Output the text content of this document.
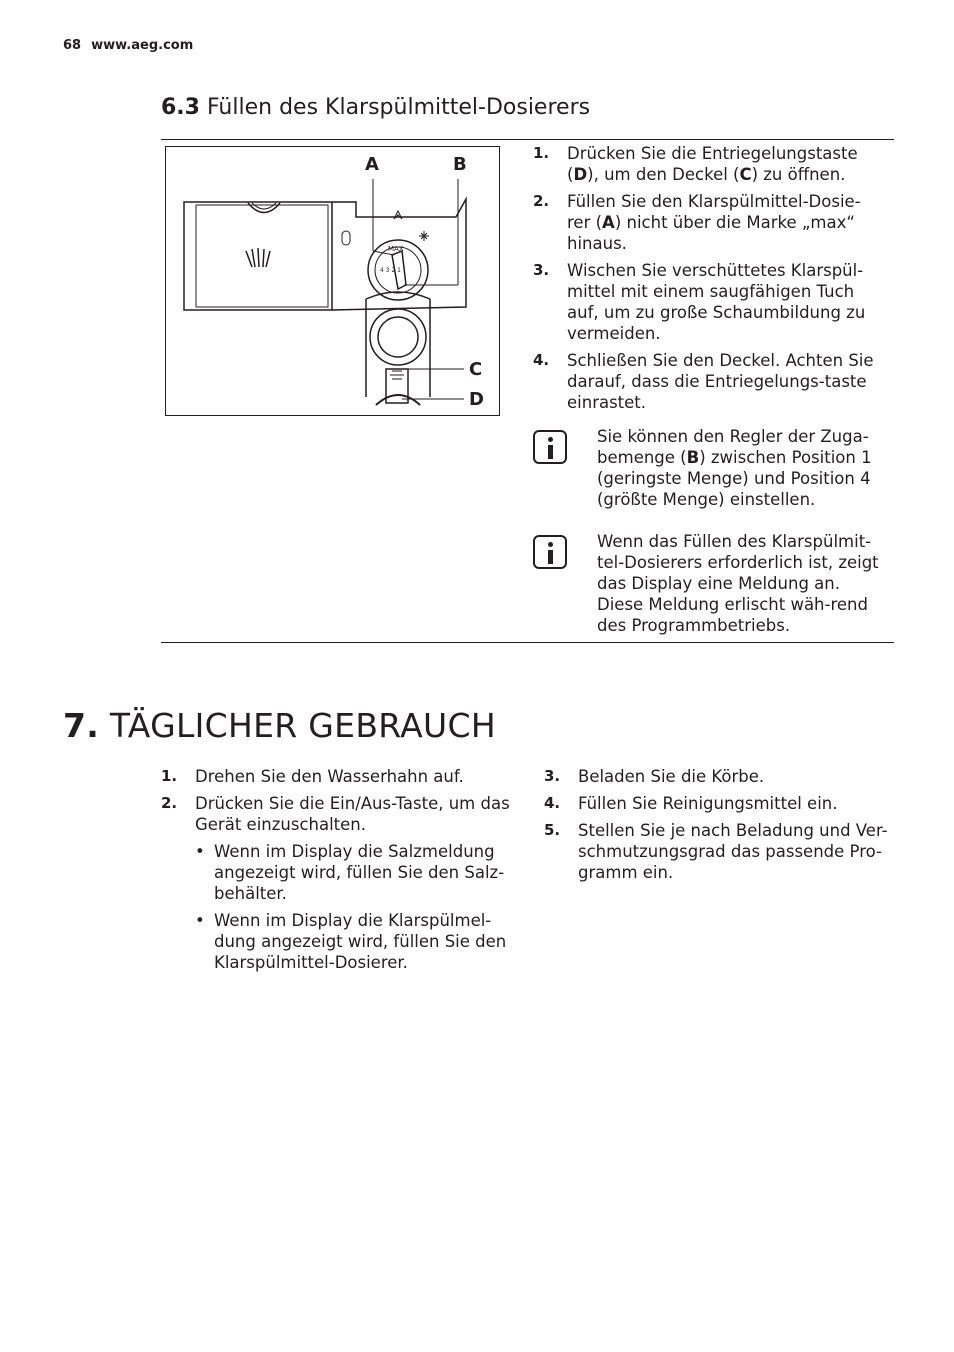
68 www.aeg.com
6.3 Füllen des Klarspülmittel-Dosierers
MAX
4 3 2 1
A	B
C
D
1. Drücken Sie die Entriegelungstaste (D), um den Deckel (C) zu öffnen.
2. Füllen Sie den Klarspülmittel-Dosie-rer (A) nicht über die Marke „max“ hinaus.
3. Wischen Sie verschüttetes Klarspül-mittel mit einem saugfähigen Tuch auf, um zu große Schaumbildung zu vermeiden.
4. Schließen Sie den Deckel. Achten Sie darauf, dass die Entriegelungs-taste einrastet.
Sie können den Regler der Zuga-bemenge (B) zwischen Position 1 (geringste Menge) und Position 4 (größte Menge) einstellen.
Wenn das Füllen des Klarspülmit-tel-Dosierers erforderlich ist, zeigt das Display eine Meldung an. Diese Meldung erlischt wäh-rend des Programmbetriebs.
7. TÄGLICHER GEBRAUCH
1. Drehen Sie den Wasserhahn auf.
2. Drücken Sie die Ein/Aus-Taste, um das Gerät einzuschalten.
• Wenn im Display die Salzmeldung angezeigt wird, füllen Sie den Salz-behälter.
• Wenn im Display die Klarspülmel-dung angezeigt wird, füllen Sie den Klarspülmittel-Dosierer.
3. Beladen Sie die Körbe.
4. Füllen Sie Reinigungsmittel ein.
5. Stellen Sie je nach Beladung und Ver-schmutzungsgrad das passende Pro-gramm ein.
